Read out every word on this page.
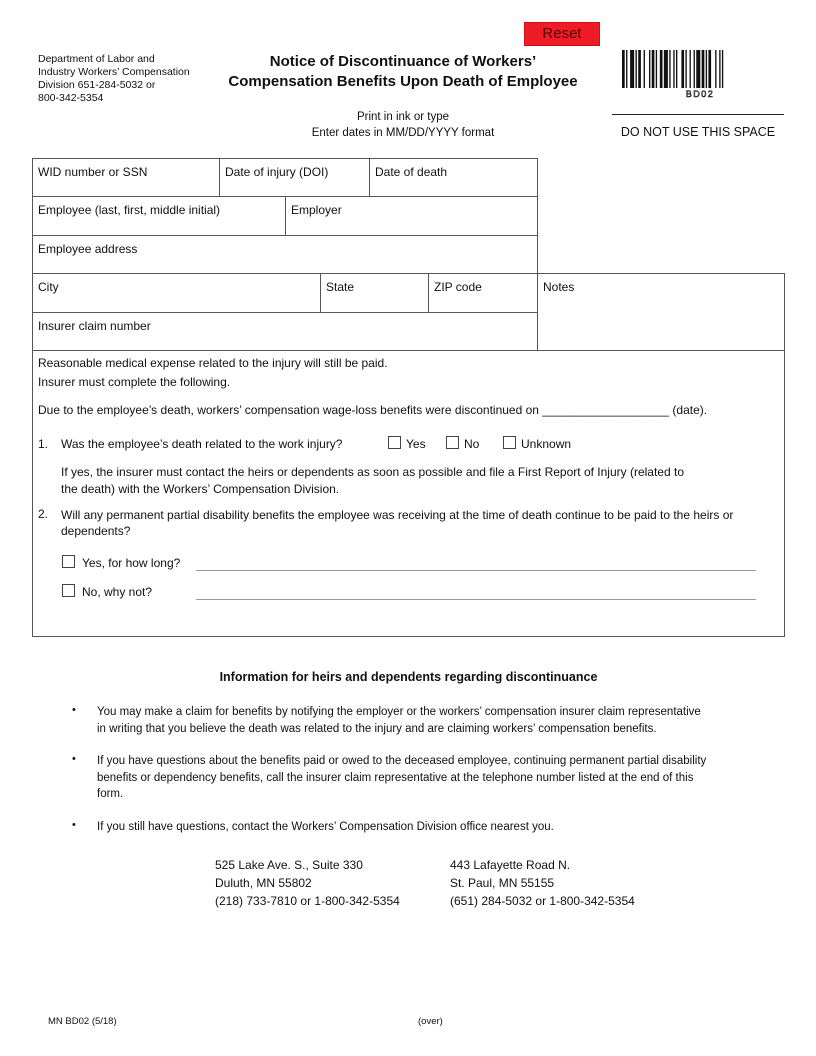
Reset
Department of Labor and
Industry Workers’ Compensation
Division 651-284-5032 or
800-342-5354
Notice of Discontinuance of Workers’
Compensation Benefits Upon Death of Employee
Print in ink or type
Enter dates in MM/DD/YYYY format
BD02
DO NOT USE THIS SPACE
WID number or SSN	Date of injury (DOI)	Date of death
Employee (last, first, middle initial)	Employer
Employee address
City	State	ZIP code	Notes
Insurer claim number
Reasonable medical expense related to the injury will still be paid.
Insurer must complete the following.
Due to the employee’s death, workers’ compensation wage-loss benefits were discontinued on ___________________ (date).
1. Was the employee’s death related to the work injury?	Yes	No	Unknown
If yes, the insurer must contact the heirs or dependents as soon as possible and file a First Report of Injury (related to
the death) with the Workers’ Compensation Division.
2. Will any permanent partial disability benefits the employee was receiving at the time of death continue to be paid to the heirs or
dependents?
Yes, for how long?
No, why not?
Information for heirs and dependents regarding discontinuance
• You may make a claim for benefits by notifying the employer or the workers’ compensation insurer claim representative
in writing that you believe the death was related to the injury and are claiming workers’ compensation benefits.
• If you have questions about the benefits paid or owed to the deceased employee, continuing permanent partial disability
benefits or dependency benefits, call the insurer claim representative at the telephone number listed at the end of this
form.
• If you still have questions, contact the Workers’ Compensation Division office nearest you.
525 Lake Ave. S., Suite 330
Duluth, MN 55802
(218) 733-7810 or 1-800-342-5354
443 Lafayette Road N.
St. Paul, MN 55155
(651) 284-5032 or 1-800-342-5354
MN BD02 (5/18)	(over)
